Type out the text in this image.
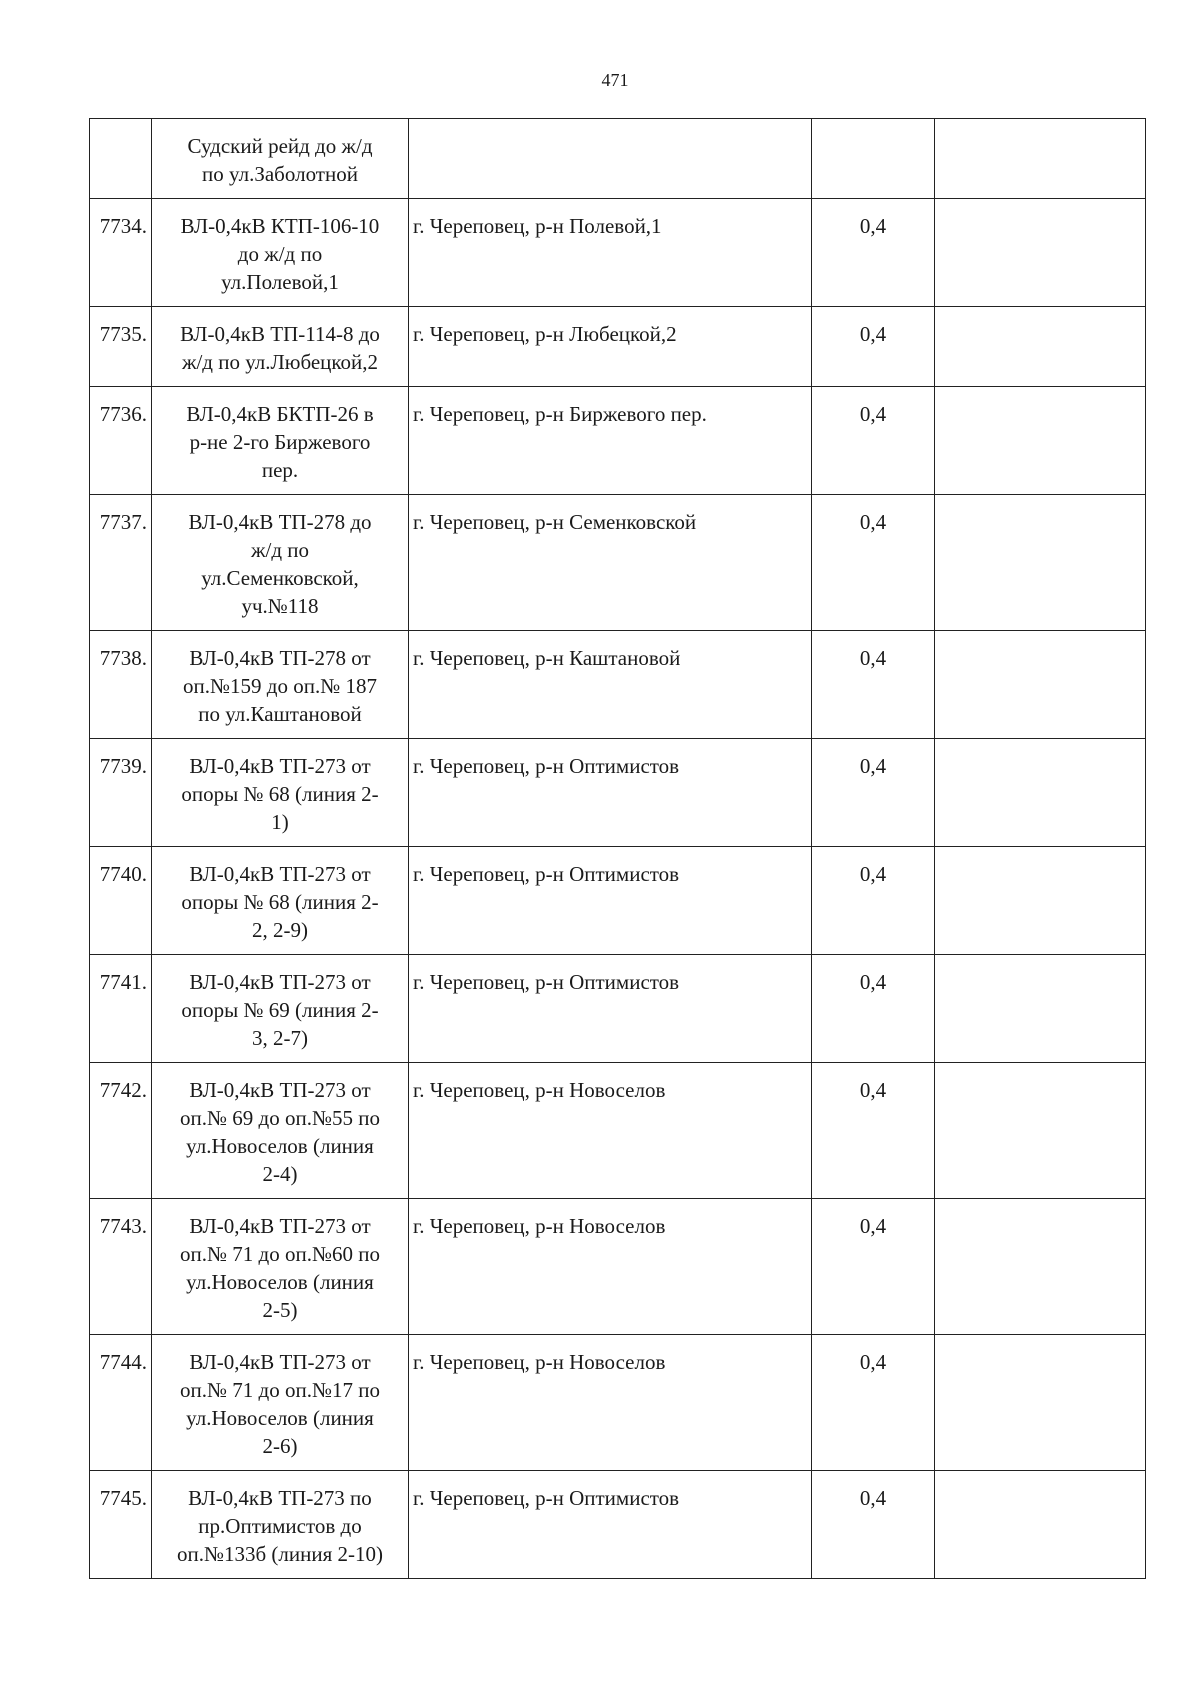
471

	Судский рейд до ж/д
по ул.Заболотной			

7734.	ВЛ-0,4кВ КТП-106-10
до ж/д по
ул.Полевой,1	г. Череповец, р-н Полевой,1	0,4	
7735.	ВЛ-0,4кВ ТП-114-8 до
ж/д по ул.Любецкой,2	г. Череповец, р-н Любецкой,2	0,4	
7736.	ВЛ-0,4кВ БКТП-26 в
р-не 2-го Биржевого
пер.	г. Череповец, р-н Биржевого пер.	0,4	
7737.	ВЛ-0,4кВ ТП-278 до
ж/д по
ул.Семенковской,
уч.№118	г. Череповец, р-н Семенковской	0,4	
7738.	ВЛ-0,4кВ ТП-278 от
оп.№159 до оп.№ 187
по ул.Каштановой	г. Череповец, р-н Каштановой	0,4	
7739.	ВЛ-0,4кВ ТП-273 от
опоры № 68 (линия 2-
1)	г. Череповец, р-н Оптимистов	0,4	
7740.	ВЛ-0,4кВ ТП-273 от
опоры № 68 (линия 2-
2, 2-9)	г. Череповец, р-н Оптимистов	0,4	
7741.	ВЛ-0,4кВ ТП-273 от
опоры № 69 (линия 2-
3, 2-7)	г. Череповец, р-н Оптимистов	0,4	
7742.	ВЛ-0,4кВ ТП-273 от
оп.№ 69 до оп.№55 по
ул.Новоселов (линия
2-4)	г. Череповец, р-н Новоселов	0,4	
7743.	ВЛ-0,4кВ ТП-273 от
оп.№ 71 до оп.№60 по
ул.Новоселов (линия
2-5)	г. Череповец, р-н Новоселов	0,4	
7744.	ВЛ-0,4кВ ТП-273 от
оп.№ 71 до оп.№17 по
ул.Новоселов (линия
2-6)	г. Череповец, р-н Новоселов	0,4	
7745.	ВЛ-0,4кВ ТП-273 по
пр.Оптимистов до
оп.№133б (линия 2-10)	г. Череповец, р-н Оптимистов	0,4	
